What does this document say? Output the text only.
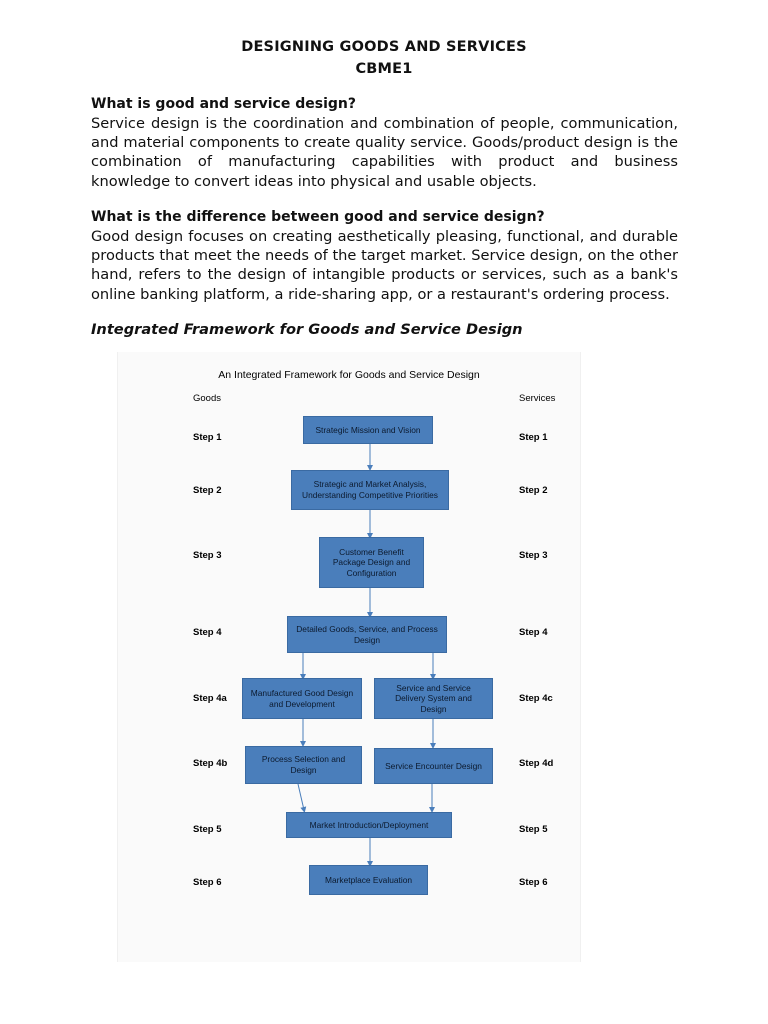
DESIGNING GOODS AND SERVICES
CBME1
What is good and service design?
Service design is the coordination and combination of people, communication,
and material components to create quality service. Goods/product design is the
combination of manufacturing capabilities with product and business
knowledge to convert ideas into physical and usable objects.
What is the difference between good and service design?
Good design focuses on creating aesthetically pleasing, functional, and durable
products that meet the needs of the target market. Service design, on the other
hand, refers to the design of intangible products or services, such as a bank's
online banking platform, a ride-sharing app, or a restaurant's ordering process.
Integrated Framework for Goods and Service Design
An Integrated Framework for Goods and Service Design
Goods	Services
Step 1
Step 2
Step 3
Step 4
Step 4a
Step 4b
Step 5
Step 6
Step 1
Step 2
Step 3
Step 4
Step 4c
Step 4d
Step 5
Step 6
Strategic Mission and Vision
Strategic and Market Analysis, Understanding Competitive Priorities
Customer Benefit Package Design and Configuration
Detailed Goods, Service, and Process Design
Manufactured Good Design and Development
Service and Service Delivery System and Design
Process Selection and Design	Service Encounter Design
Market Introduction/Deployment
Marketplace Evaluation
